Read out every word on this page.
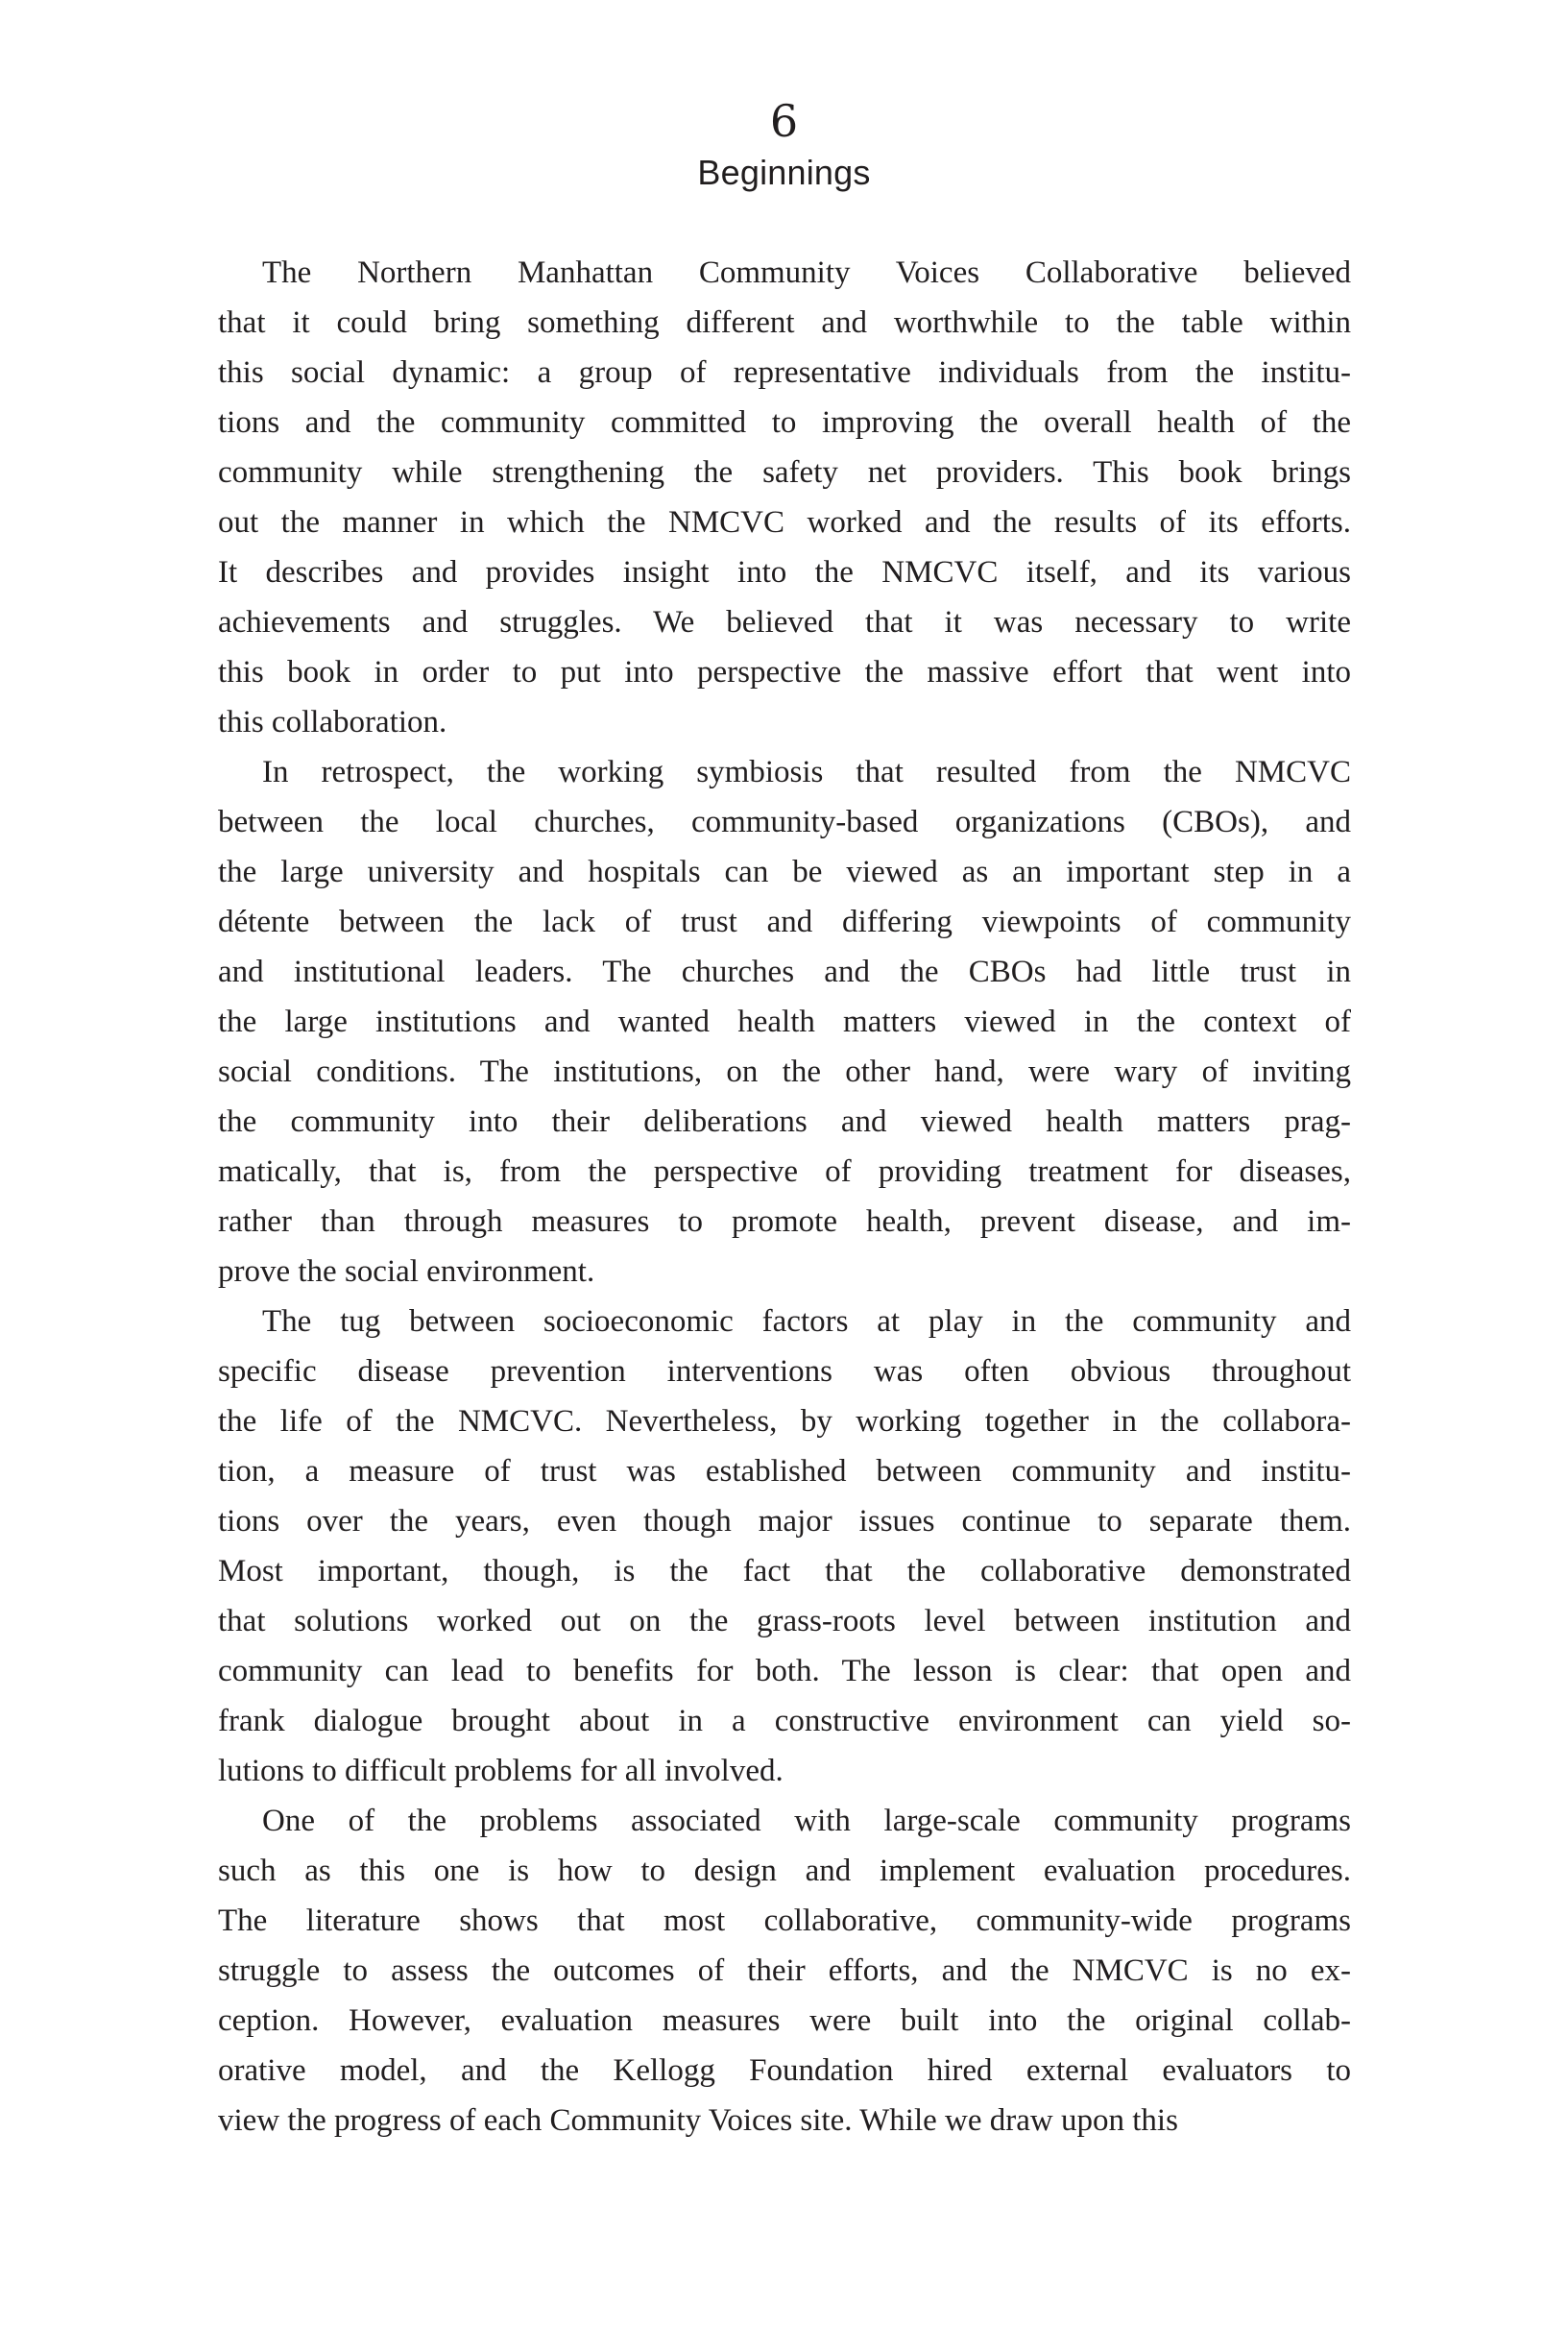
6
Beginnings
The Northern Manhattan Community Voices Collaborative believed
that it could bring something different and worthwhile to the table within
this social dynamic: a group of representative individuals from the institu-
tions and the community committed to improving the overall health of the
community while strengthening the safety net providers. This book brings
out the manner in which the NMCVC worked and the results of its efforts.
It describes and provides insight into the NMCVC itself, and its various
achievements and struggles. We believed that it was necessary to write
this book in order to put into perspective the massive effort that went into
this collaboration.
In retrospect, the working symbiosis that resulted from the NMCVC
between the local churches, community-based organizations (CBOs), and
the large university and hospitals can be viewed as an important step in a
détente between the lack of trust and differing viewpoints of community
and institutional leaders. The churches and the CBOs had little trust in
the large institutions and wanted health matters viewed in the context of
social conditions. The institutions, on the other hand, were wary of inviting
the community into their deliberations and viewed health matters prag-
matically, that is, from the perspective of providing treatment for diseases,
rather than through measures to promote health, prevent disease, and im-
prove the social environment.
The tug between socioeconomic factors at play in the community and
specific disease prevention interventions was often obvious throughout
the life of the NMCVC. Nevertheless, by working together in the collabora-
tion, a measure of trust was established between community and institu-
tions over the years, even though major issues continue to separate them.
Most important, though, is the fact that the collaborative demonstrated
that solutions worked out on the grass-roots level between institution and
community can lead to benefits for both. The lesson is clear: that open and
frank dialogue brought about in a constructive environment can yield so-
lutions to difficult problems for all involved.
One of the problems associated with large-scale community programs
such as this one is how to design and implement evaluation procedures.
The literature shows that most collaborative, community-wide programs
struggle to assess the outcomes of their efforts, and the NMCVC is no ex-
ception. However, evaluation measures were built into the original collab-
orative model, and the Kellogg Foundation hired external evaluators to
view the progress of each Community Voices site. While we draw upon this
